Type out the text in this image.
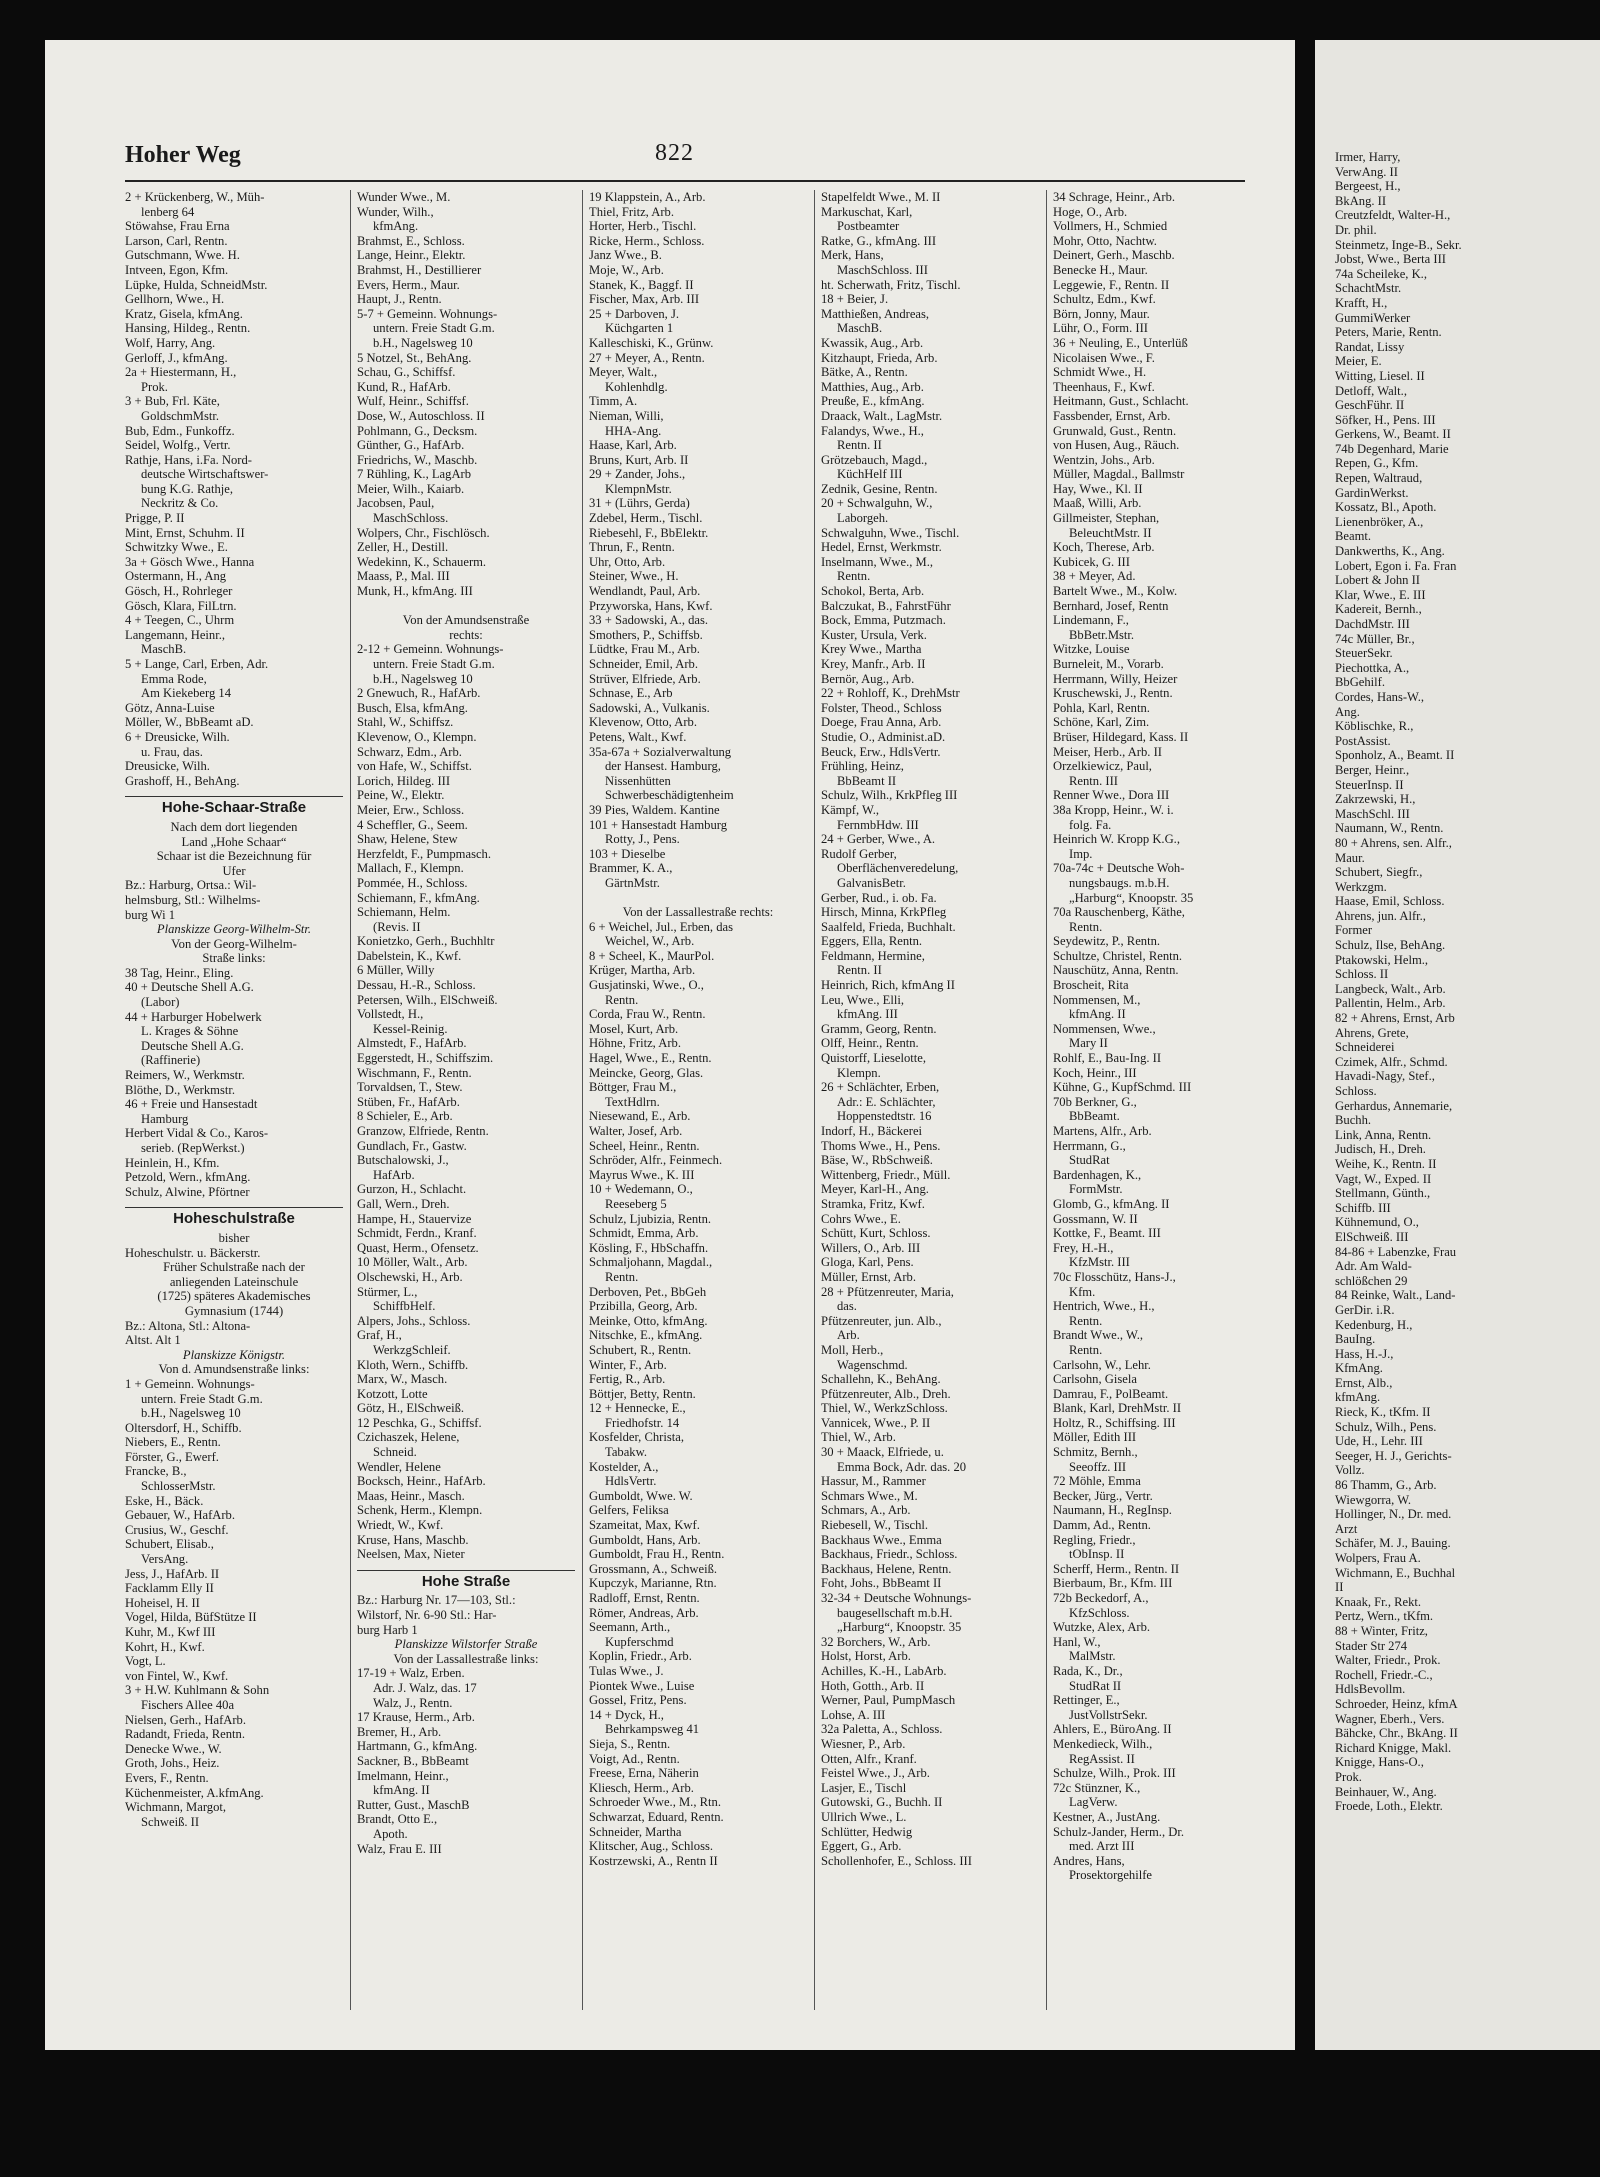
Hoher Weg	822
2 + Krückenberg, W., Müh-
lenberg 64
Stöwahse, Frau Erna
Larson, Carl, Rentn.
Gutschmann, Wwe. H.
Intveen, Egon, Kfm.
Lüpke, Hulda, SchneidMstr.
Gellhorn, Wwe., H.
Kratz, Gisela, kfmAng.
Hansing, Hildeg., Rentn.
Wolf, Harry, Ang.
Gerloff, J., kfmAng.
2a + Hiestermann, H.,
Prok.
3 + Bub, Frl. Käte,
GoldschmMstr.
Bub, Edm., Funkoffz.
Seidel, Wolfg., Vertr.
Rathje, Hans, i.Fa. Nord-
deutsche Wirtschaftswer-
bung K.G. Rathje,
Neckritz & Co.
Prigge, P. II
Mint, Ernst, Schuhm. II
Schwitzky Wwe., E.
3a + Gösch Wwe., Hanna
Ostermann, H., Ang
Gösch, H., Rohrleger
Gösch, Klara, FilLtrn.
4 + Teegen, C., Uhrm
Langemann, Heinr.,
MaschB.
5 + Lange, Carl, Erben, Adr.
Emma Rode,
Am Kiekeberg 14
Götz, Anna-Luise
Möller, W., BbBeamt aD.
6 + Dreusicke, Wilh.
u. Frau, das.
Dreusicke, Wilh.
Grashoff, H., BehAng.
Hohe-Schaar-Straße
Nach dem dort liegenden
Land „Hohe Schaar“
Schaar ist die Bezeichnung für
Ufer
Bz.: Harburg, Ortsa.: Wil-
helmsburg, Stl.: Wilhelms-
burg Wi 1
Planskizze Georg-Wilhelm-Str.
Von der Georg-Wilhelm-
Straße links:
38 Tag, Heinr., Eling.
40 + Deutsche Shell A.G.
(Labor)
44 + Harburger Hobelwerk
L. Krages & Söhne
Deutsche Shell A.G.
(Raffinerie)
Reimers, W., Werkmstr.
Blöthe, D., Werkmstr.
46 + Freie und Hansestadt
Hamburg
Herbert Vidal & Co., Karos-
serieb. (RepWerkst.)
Heinlein, H., Kfm.
Petzold, Wern., kfmAng.
Schulz, Alwine, Pförtner
Hoheschulstraße
bisher
Hoheschulstr. u. Bäckerstr.
Früher Schulstraße nach der
anliegenden Lateinschule
(1725) späteres Akademisches
Gymnasium (1744)
Bz.: Altona, Stl.: Altona-
Altst. Alt 1
Planskizze Königstr.
Von d. Amundsenstraße links:
1 + Gemeinn. Wohnungs-
untern. Freie Stadt G.m.
b.H., Nagelsweg 10
Oltersdorf, H., Schiffb.
Niebers, E., Rentn.
Förster, G., Ewerf.
Francke, B.,
SchlosserMstr.
Eske, H., Bäck.
Gebauer, W., HafArb.
Crusius, W., Geschf.
Schubert, Elisab.,
VersAng.
Jess, J., HafArb. II
Facklamm Elly II
Hoheisel, H. II
Vogel, Hilda, BüfStütze II
Kuhr, M., Kwf III
Kohrt, H., Kwf.
Vogt, L.
von Fintel, W., Kwf.
3 + H.W. Kuhlmann & Sohn
Fischers Allee 40a
Nielsen, Gerh., HafArb.
Radandt, Frieda, Rentn.
Denecke Wwe., W.
Groth, Johs., Heiz.
Evers, F., Rentn.
Küchenmeister, A.kfmAng.
Wichmann, Margot,
Schweiß. II
Wunder Wwe., M.
Wunder, Wilh.,
kfmAng.
Brahmst, E., Schloss.
Lange, Heinr., Elektr.
Brahmst, H., Destillierer
Evers, Herm., Maur.
Haupt, J., Rentn.
5-7 + Gemeinn. Wohnungs-
untern. Freie Stadt G.m.
b.H., Nagelsweg 10
5 Notzel, St., BehAng.
Schau, G., Schiffsf.
Kund, R., HafArb.
Wulf, Heinr., Schiffsf.
Dose, W., Autoschloss. II
Pohlmann, G., Decksm.
Günther, G., HafArb.
Friedrichs, W., Maschb.
7 Rühling, K., LagArb
Meier, Wilh., Kaiarb.
Jacobsen, Paul,
MaschSchloss.
Wolpers, Chr., Fischlösch.
Zeller, H., Destill.
Wedekinn, K., Schauerm.
Maass, P., Mal. III
Munk, H., kfmAng. III

Von der Amundsenstraße
rechts:
2-12 + Gemeinn. Wohnungs-
untern. Freie Stadt G.m.
b.H., Nagelsweg 10
2 Gnewuch, R., HafArb.
Busch, Elsa, kfmAng.
Stahl, W., Schiffsz.
Klevenow, O., Klempn.
Schwarz, Edm., Arb.
von Hafe, W., Schiffst.
Lorich, Hildeg. III
Peine, W., Elektr.
Meier, Erw., Schloss.
4 Scheffler, G., Seem.
Shaw, Helene, Stew
Herzfeldt, F., Pumpmasch.
Mallach, F., Klempn.
Pommée, H., Schloss.
Schiemann, F., kfmAng.
Schiemann, Helm.
(Revis. II
Konietzko, Gerh., Buchhltr
Dabelstein, K., Kwf.
6 Müller, Willy
Dessau, H.-R., Schloss.
Petersen, Wilh., ElSchweiß.
Vollstedt, H.,
Kessel-Reinig.
Almstedt, F., HafArb.
Eggerstedt, H., Schiffszim.
Wischmann, F., Rentn.
Torvaldsen, T., Stew.
Stüben, Fr., HafArb.
8 Schieler, E., Arb.
Granzow, Elfriede, Rentn.
Gundlach, Fr., Gastw.
Butschalowski, J.,
HafArb.
Gurzon, H., Schlacht.
Gall, Wern., Dreh.
Hampe, H., Stauervize
Schmidt, Ferdn., Kranf.
Quast, Herm., Ofensetz.
10 Möller, Walt., Arb.
Olschewski, H., Arb.
Stürmer, L.,
SchiffbHelf.
Alpers, Johs., Schloss.
Graf, H.,
WerkzgSchleif.
Kloth, Wern., Schiffb.
Marx, W., Masch.
Kotzott, Lotte
Götz, H., ElSchweiß.
12 Peschka, G., Schiffsf.
Czichaszek, Helene,
Schneid.
Wendler, Helene
Bocksch, Heinr., HafArb.
Maas, Heinr., Masch.
Schenk, Herm., Klempn.
Wriedt, W., Kwf.
Kruse, Hans, Maschb.
Neelsen, Max, Nieter
Hohe Straße
Bz.: Harburg Nr. 17—103, Stl.:
Wilstorf, Nr. 6-90 Stl.: Har-
burg Harb 1
Planskizze Wilstorfer Straße
Von der Lassallestraße links:
17-19 + Walz, Erben.
Adr. J. Walz, das. 17
Walz, J., Rentn.
17 Krause, Herm., Arb.
Bremer, H., Arb.
Hartmann, G., kfmAng.
Sackner, B., BbBeamt
Imelmann, Heinr.,
kfmAng. II
Rutter, Gust., MaschB
Brandt, Otto E.,
Apoth.
Walz, Frau E. III
19 Klappstein, A., Arb.
Thiel, Fritz, Arb.
Horter, Herb., Tischl.
Ricke, Herm., Schloss.
Janz Wwe., B.
Moje, W., Arb.
Stanek, K., Baggf. II
Fischer, Max, Arb. III
25 + Darboven, J.
Küchgarten 1
Kalleschiski, K., Grünw.
27 + Meyer, A., Rentn.
Meyer, Walt.,
Kohlenhdlg.
Timm, A.
Nieman, Willi,
HHA-Ang.
Haase, Karl, Arb.
Bruns, Kurt, Arb. II
29 + Zander, Johs.,
KlempnMstr.
31 + (Lührs, Gerda)
Zdebel, Herm., Tischl.
Riebesehl, F., BbElektr.
Thrun, F., Rentn.
Uhr, Otto, Arb.
Steiner, Wwe., H.
Wendlandt, Paul, Arb.
Przyworska, Hans, Kwf.
33 + Sadowski, A., das.
Smothers, P., Schiffsb.
Lüdtke, Frau M., Arb.
Schneider, Emil, Arb.
Strüver, Elfriede, Arb.
Schnase, E., Arb
Sadowski, A., Vulkanis.
Klevenow, Otto, Arb.
Petens, Walt., Kwf.
35a-67a + Sozialverwaltung
der Hansest. Hamburg,
Nissenhütten
Schwerbeschädigtenheim
39 Pies, Waldem. Kantine
101 + Hansestadt Hamburg
Rotty, J., Pens.
103 + Dieselbe
Brammer, K. A.,
GärtnMstr.

Von der Lassallestraße rechts:
6 + Weichel, Jul., Erben, das
Weichel, W., Arb.
8 + Scheel, K., MaurPol.
Krüger, Martha, Arb.
Gusjatinski, Wwe., O.,
Rentn.
Corda, Frau W., Rentn.
Mosel, Kurt, Arb.
Höhne, Fritz, Arb.
Hagel, Wwe., E., Rentn.
Meincke, Georg, Glas.
Böttger, Frau M.,
TextHdlrn.
Niesewand, E., Arb.
Walter, Josef, Arb.
Scheel, Heinr., Rentn.
Schröder, Alfr., Feinmech.
Mayrus Wwe., K. III
10 + Wedemann, O.,
Reeseberg 5
Schulz, Ljubizia, Rentn.
Schmidt, Emma, Arb.
Kösling, F., HbSchaffn.
Schmaljohann, Magdal.,
Rentn.
Derboven, Pet., BbGeh
Przibilla, Georg, Arb.
Meinke, Otto, kfmAng.
Nitschke, E., kfmAng.
Schubert, R., Rentn.
Winter, F., Arb.
Fertig, R., Arb.
Böttjer, Betty, Rentn.
12 + Hennecke, E.,
Friedhofstr. 14
Kosfelder, Christa,
Tabakw.
Kostelder, A.,
HdlsVertr.
Gumboldt, Wwe. W.
Gelfers, Feliksa
Szameitat, Max, Kwf.
Gumboldt, Hans, Arb.
Gumboldt, Frau H., Rentn.
Grossmann, A., Schweiß.
Kupczyk, Marianne, Rtn.
Radloff, Ernst, Rentn.
Römer, Andreas, Arb.
Seemann, Arth.,
Kupferschmd
Koplin, Friedr., Arb.
Tulas Wwe., J.
Piontek Wwe., Luise
Gossel, Fritz, Pens.
14 + Dyck, H.,
Behrkampsweg 41
Sieja, S., Rentn.
Voigt, Ad., Rentn.
Freese, Erna, Näherin
Kliesch, Herm., Arb.
Schroeder Wwe., M., Rtn.
Schwarzat, Eduard, Rentn.
Schneider, Martha
Klitscher, Aug., Schloss.
Kostrzewski, A., Rentn II
Stapelfeldt Wwe., M. II
Markuschat, Karl,
Postbeamter
Ratke, G., kfmAng. III
Merk, Hans,
MaschSchloss. III
ht. Scherwath, Fritz, Tischl.
18 + Beier, J.
Matthießen, Andreas,
MaschB.
Kwassik, Aug., Arb.
Kitzhaupt, Frieda, Arb.
Bätke, A., Rentn.
Matthies, Aug., Arb.
Preuße, E., kfmAng.
Draack, Walt., LagMstr.
Falandys, Wwe., H.,
Rentn. II
Grötzebauch, Magd.,
KüchHelf III
Zednik, Gesine, Rentn.
20 + Schwalguhn, W.,
Laborgeh.
Schwalguhn, Wwe., Tischl.
Hedel, Ernst, Werkmstr.
Inselmann, Wwe., M.,
Rentn.
Schokol, Berta, Arb.
Balczukat, B., FahrstFühr
Bock, Emma, Putzmach.
Kuster, Ursula, Verk.
Krey Wwe., Martha
Krey, Manfr., Arb. II
Bernör, Aug., Arb.
22 + Rohloff, K., DrehMstr
Folster, Theod., Schloss
Doege, Frau Anna, Arb.
Studie, O., Administ.aD.
Beuck, Erw., HdlsVertr.
Frühling, Heinz,
BbBeamt II
Schulz, Wilh., KrkPfleg III
Kämpf, W.,
FernmbHdw. III
24 + Gerber, Wwe., A.
Rudolf Gerber,
Oberflächenveredelung,
GalvanisBetr.
Gerber, Rud., i. ob. Fa.
Hirsch, Minna, KrkPfleg
Saalfeld, Frieda, Buchhalt.
Eggers, Ella, Rentn.
Feldmann, Hermine,
Rentn. II
Heinrich, Rich, kfmAng II
Leu, Wwe., Elli,
kfmAng. III
Gramm, Georg, Rentn.
Olff, Heinr., Rentn.
Quistorff, Lieselotte,
Klempn.
26 + Schlächter, Erben,
Adr.: E. Schlächter,
Hoppenstedtstr. 16
Indorf, H., Bäckerei
Thoms Wwe., H., Pens.
Bäse, W., RbSchweiß.
Wittenberg, Friedr., Müll.
Meyer, Karl-H., Ang.
Stramka, Fritz, Kwf.
Cohrs Wwe., E.
Schütt, Kurt, Schloss.
Willers, O., Arb. III
Gloga, Karl, Pens.
Müller, Ernst, Arb.
28 + Pfützenreuter, Maria,
das.
Pfützenreuter, jun. Alb.,
Arb.
Moll, Herb.,
Wagenschmd.
Schallehn, K., BehAng.
Pfützenreuter, Alb., Dreh.
Thiel, W., WerkzSchloss.
Vannicek, Wwe., P. II
Thiel, W., Arb.
30 + Maack, Elfriede, u.
Emma Bock, Adr. das. 20
Hassur, M., Rammer
Schmars Wwe., M.
Schmars, A., Arb.
Riebesell, W., Tischl.
Backhaus Wwe., Emma
Backhaus, Friedr., Schloss.
Backhaus, Helene, Rentn.
Foht, Johs., BbBeamt II
32-34 + Deutsche Wohnungs-
baugesellschaft m.b.H.
„Harburg“, Knoopstr. 35
32 Borchers, W., Arb.
Holst, Horst, Arb.
Achilles, K.-H., LabArb.
Hoth, Gotth., Arb. II
Werner, Paul, PumpMasch
Lohse, A. III
32a Paletta, A., Schloss.
Wiesner, P., Arb.
Otten, Alfr., Kranf.
Feistel Wwe., J., Arb.
Lasjer, E., Tischl
Gutowski, G., Buchh. II
Ullrich Wwe., L.
Schlütter, Hedwig
Eggert, G., Arb.
Schollenhofer, E., Schloss. III
34 Schrage, Heinr., Arb.
Hoge, O., Arb.
Vollmers, H., Schmied
Mohr, Otto, Nachtw.
Deinert, Gerh., Maschb.
Benecke H., Maur.
Leggewie, F., Rentn. II
Schultz, Edm., Kwf.
Börn, Jonny, Maur.
Lühr, O., Form. III
36 + Neuling, E., Unterlüß
Nicolaisen Wwe., F.
Schmidt Wwe., H.
Theenhaus, F., Kwf.
Heitmann, Gust., Schlacht.
Fassbender, Ernst, Arb.
Grunwald, Gust., Rentn.
von Husen, Aug., Räuch.
Wentzin, Johs., Arb.
Müller, Magdal., Ballmstr
Hay, Wwe., Kl. II
Maaß, Willi, Arb.
Gillmeister, Stephan,
BeleuchtMstr. II
Koch, Therese, Arb.
Kubicek, G. III
38 + Meyer, Ad.
Bartelt Wwe., M., Kolw.
Bernhard, Josef, Rentn
Lindemann, F.,
BbBetr.Mstr.
Witzke, Louise
Burneleit, M., Vorarb.
Herrmann, Willy, Heizer
Kruschewski, J., Rentn.
Pohla, Karl, Rentn.
Schöne, Karl, Zim.
Brüser, Hildegard, Kass. II
Meiser, Herb., Arb. II
Orzelkiewicz, Paul,
Rentn. III
Renner Wwe., Dora III
38a Kropp, Heinr., W. i.
folg. Fa.
Heinrich W. Kropp K.G.,
Imp.
70a-74c + Deutsche Woh-
nungsbaugs. m.b.H.
„Harburg“, Knoopstr. 35
70a Rauschenberg, Käthe,
Rentn.
Seydewitz, P., Rentn.
Schultze, Christel, Rentn.
Nauschütz, Anna, Rentn.
Broscheit, Rita
Nommensen, M.,
kfmAng. II
Nommensen, Wwe.,
Mary II
Rohlf, E., Bau-Ing. II
Koch, Heinr., III
Kühne, G., KupfSchmd. III
70b Berkner, G.,
BbBeamt.
Martens, Alfr., Arb.
Herrmann, G.,
StudRat
Bardenhagen, K.,
FormMstr.
Glomb, G., kfmAng. II
Gossmann, W. II
Kottke, F., Beamt. III
Frey, H.-H.,
KfzMstr. III
70c Flosschütz, Hans-J.,
Kfm.
Hentrich, Wwe., H.,
Rentn.
Brandt Wwe., W.,
Rentn.
Carlsohn, W., Lehr.
Carlsohn, Gisela
Damrau, F., PolBeamt.
Blank, Karl, DrehMstr. II
Holtz, R., Schiffsing. III
Möller, Edith III
Schmitz, Bernh.,
Seeoffz. III
72 Möhle, Emma
Becker, Jürg., Vertr.
Naumann, H., RegInsp.
Damm, Ad., Rentn.
Regling, Friedr.,
tObInsp. II
Scherff, Herm., Rentn. II
Bierbaum, Br., Kfm. III
72b Beckedorf, A.,
KfzSchloss.
Wutzke, Alex, Arb.
Hanl, W.,
MalMstr.
Rada, K., Dr.,
StudRat II
Rettinger, E.,
JustVollstrSekr.
Ahlers, E., BüroAng. II
Menkedieck, Wilh.,
RegAssist. II
Schulze, Wilh., Prok. III
72c Stünzner, K.,
LagVerw.
Kestner, A., JustAng.
Schulz-Jander, Herm., Dr.
med. Arzt III
Andres, Hans,
Prosektorgehilfe
Irmer, Harry,
VerwAng. II
Bergeest, H.,
BkAng. II
Creutzfeldt, Walter-H.,
Dr. phil.
Steinmetz, Inge-B., Sekr.
Jobst, Wwe., Berta III
74a Scheileke, K.,
SchachtMstr.
Krafft, H.,
GummiWerker
Peters, Marie, Rentn.
Randat, Lissy
Meier, E.
Witting, Liesel. II
Detloff, Walt.,
GeschFühr. II
Söfker, H., Pens. III
Gerkens, W., Beamt. II
74b Degenhard, Marie
Repen, G., Kfm.
Repen, Waltraud,
GardinWerkst.
Kossatz, Bl., Apoth.
Lienenbröker, A.,
Beamt.
Dankwerths, K., Ang.
Lobert, Egon i. Fa. Fran
Lobert & John II
Klar, Wwe., E. III
Kadereit, Bernh.,
DachdMstr. III
74c Müller, Br.,
SteuerSekr.
Piechottka, A.,
BbGehilf.
Cordes, Hans-W.,
Ang.
Köblischke, R.,
PostAssist.
Sponholz, A., Beamt. II
Berger, Heinr.,
SteuerInsp. II
Zakrzewski, H.,
MaschSchl. III
Naumann, W., Rentn.
80 + Ahrens, sen. Alfr.,
Maur.
Schubert, Siegfr.,
Werkzgm.
Haase, Emil, Schloss.
Ahrens, jun. Alfr.,
Former
Schulz, Ilse, BehAng.
Ptakowski, Helm.,
Schloss. II
Langbeck, Walt., Arb.
Pallentin, Helm., Arb.
82 + Ahrens, Ernst, Arb
Ahrens, Grete,
Schneiderei
Czimek, Alfr., Schmd.
Havadi-Nagy, Stef.,
Schloss.
Gerhardus, Annemarie,
Buchh.
Link, Anna, Rentn.
Judisch, H., Dreh.
Weihe, K., Rentn. II
Vagt, W., Exped. II
Stellmann, Günth.,
Schiffb. III
Kühnemund, O.,
ElSchweiß. III
84-86 + Labenzke, Frau
Adr. Am Wald-
schlößchen 29
84 Reinke, Walt., Land-
GerDir. i.R.
Kedenburg, H.,
BauIng.
Hass, H.-J.,
KfmAng.
Ernst, Alb.,
kfmAng.
Rieck, K., tKfm. II
Schulz, Wilh., Pens.
Ude, H., Lehr. III
Seeger, H. J., Gerichts-
Vollz.
86 Thamm, G., Arb.
Wiewgorra, W.
Hollinger, N., Dr. med.
Arzt
Schäfer, M. J., Bauing.
Wolpers, Frau A.
Wichmann, E., Buchhal
II
Knaak, Fr., Rekt.
Pertz, Wern., tKfm.
88 + Winter, Fritz,
Stader Str 274
Walter, Friedr., Prok.
Rochell, Friedr.-C.,
HdlsBevollm.
Schroeder, Heinz, kfmA
Wagner, Eberh., Vers.
Bähcke, Chr., BkAng. II
Richard Knigge, Makl.
Knigge, Hans-O.,
Prok.
Beinhauer, W., Ang.
Froede, Loth., Elektr.
